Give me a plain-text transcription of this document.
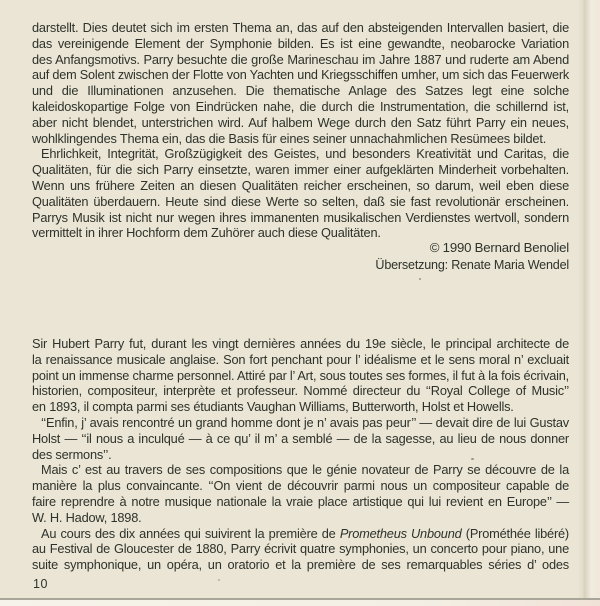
darstellt. Dies deutet sich im ersten Thema an, das auf den absteigenden Intervallen basiert, die
das vereinigende Element der Symphonie bilden. Es ist eine gewandte, neobarocke Variation
des Anfangsmotivs. Parry besuchte die große Marineschau im Jahre 1887 und ruderte am Abend
auf dem Solent zwischen der Flotte von Yachten und Kriegsschiffen umher, um sich das Feuerwerk
und die Illuminationen anzusehen. Die thematische Anlage des Satzes legt eine solche
kaleidoskopartige Folge von Eindrücken nahe, die durch die Instrumentation, die schillernd ist,
aber nicht blendet, unterstrichen wird. Auf halbem Wege durch den Satz führt Parry ein neues,
wohlklingendes Thema ein, das die Basis für eines seiner unnachahmlichen Resümees bildet.
Ehrlichkeit, Integrität, Großzügigkeit des Geistes, und besonders Kreativität und Caritas, die
Qualitäten, für die sich Parry einsetzte, waren immer einer aufgeklärten Minderheit vorbehalten.
Wenn uns frühere Zeiten an diesen Qualitäten reicher erscheinen, so darum, weil eben diese
Qualitäten überdauern. Heute sind diese Werte so selten, daß sie fast revolutionär erscheinen.
Parrys Musik ist nicht nur wegen ihres immanenten musikalischen Verdienstes wertvoll, sondern
vermittelt in ihrer Hochform dem Zuhörer auch diese Qualitäten.
© 1990 Bernard Benoliel
Übersetzung: Renate Maria Wendel
Sir Hubert Parry fut, durant les vingt dernières années du 19e siècle, le principal architecte de
la renaissance musicale anglaise. Son fort penchant pour l’ idéalisme et le sens moral n’ excluait
point un immense charme personnel. Attiré par l’ Art, sous toutes ses formes, il fut à la fois écrivain,
historien, compositeur, interprète et professeur. Nommé directeur du ‘‘Royal College of Music’’
en 1893, il compta parmi ses étudiants Vaughan Williams, Butterworth, Holst et Howells.
‘‘Enfin, j’ avais rencontré un grand homme dont je n’ avais pas peur’’ — devait dire de lui Gustav
Holst — ‘‘il nous a inculqué — à ce qu’ il m’ a semblé — de la sagesse, au lieu de nous donner
des sermons’’.
Mais c’ est au travers de ses compositions que le génie novateur de Parry se découvre de la
manière la plus convaincante. ‘‘On vient de découvrir parmi nous un compositeur capable de
faire reprendre à notre musique nationale la vraie place artistique qui lui revient en Europe’’ —
W. H. Hadow, 1898.
Au cours des dix années qui suivirent la première de Prometheus Unbound (Prométhée libéré)
au Festival de Gloucester de 1880, Parry écrivit quatre symphonies, un concerto pour piano, une
suite symphonique, un opéra, un oratorio et la première de ses remarquables séries d’ odes
10
